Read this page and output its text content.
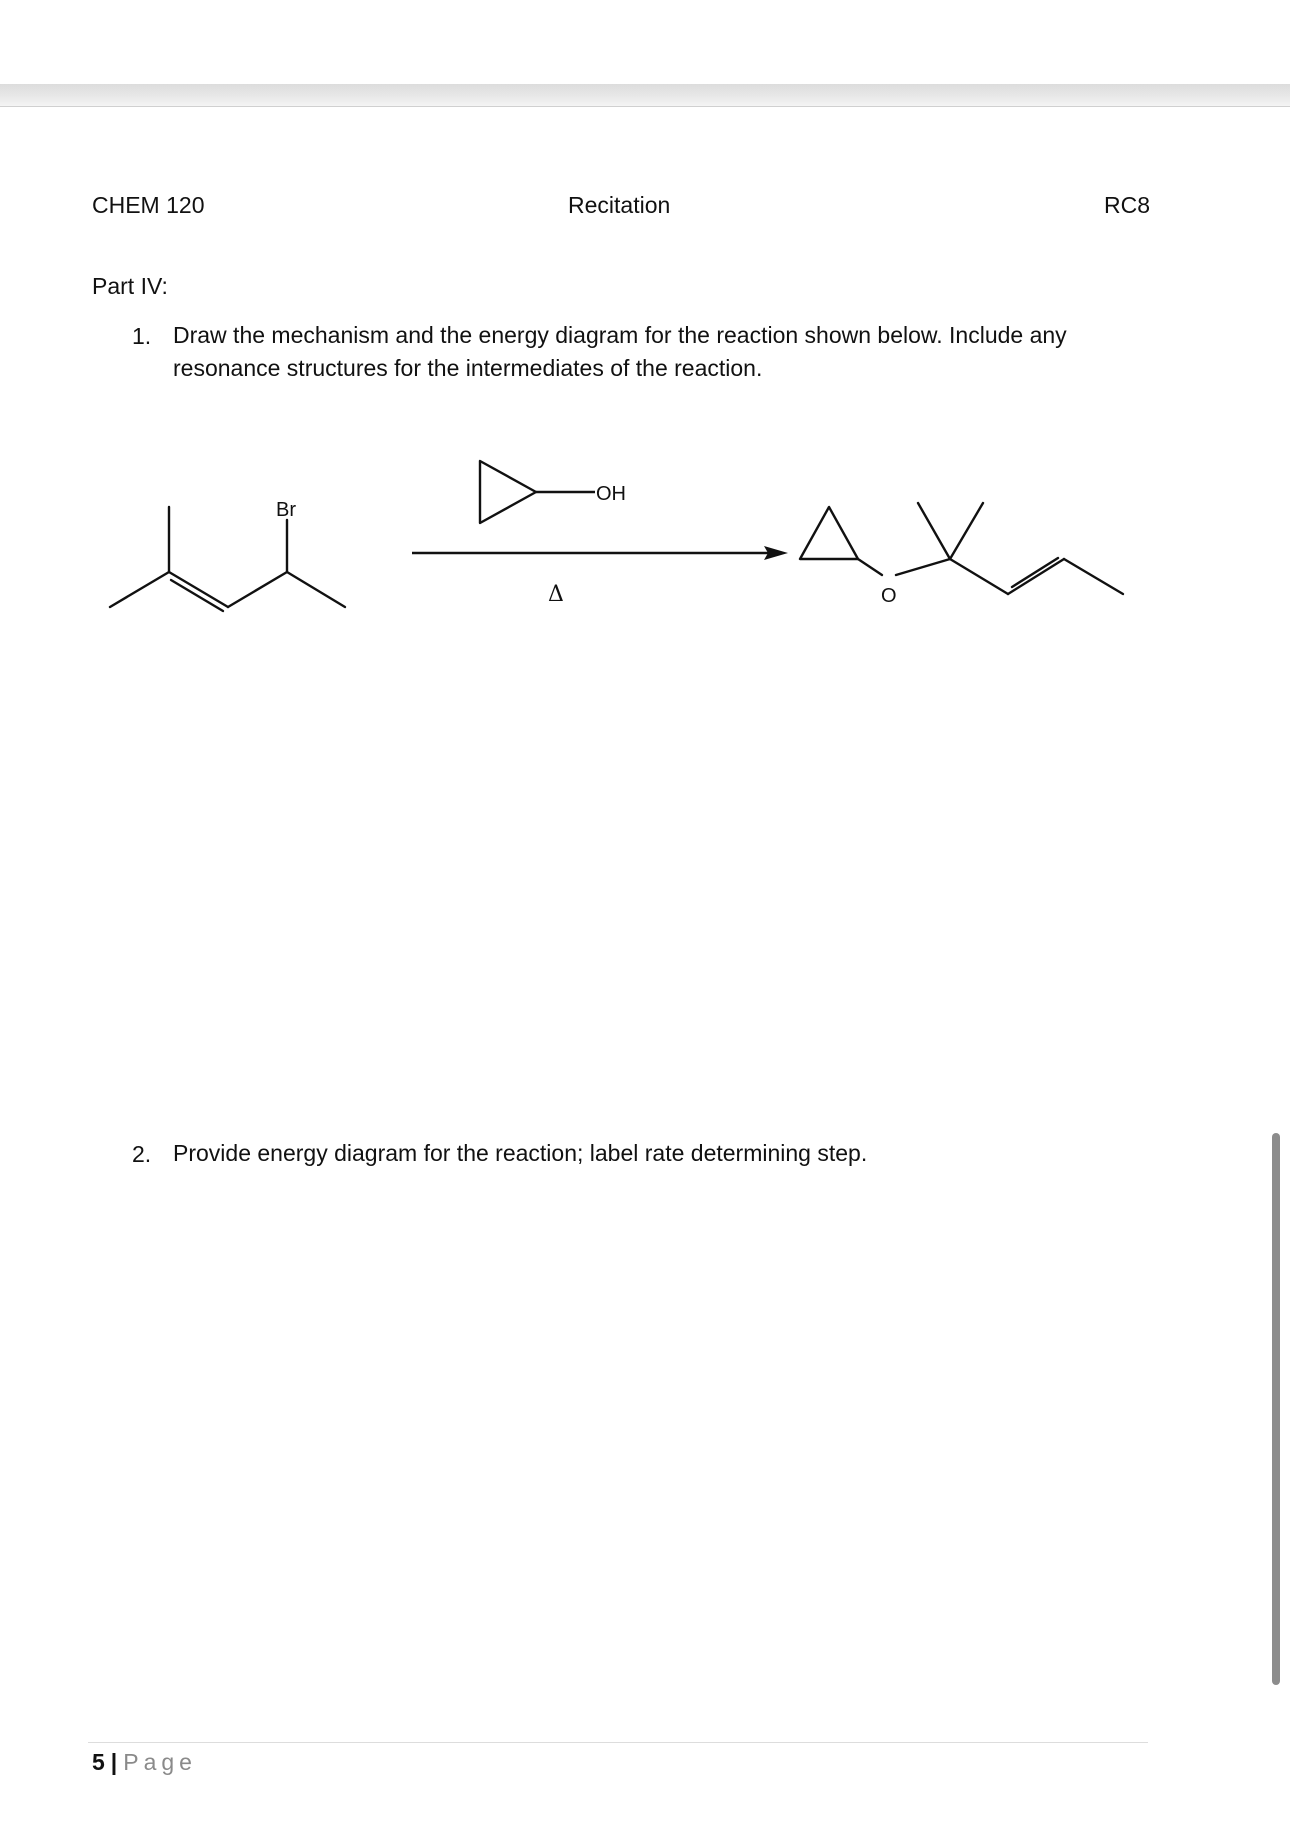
CHEM 120	Recitation	RC8
Part IV:
1. Draw the mechanism and the energy diagram for the reaction shown below. Include any resonance structures for the intermediates of the reaction.
Br
OH
Δ	O
2. Provide energy diagram for the reaction; label rate determining step.
5 | Page
